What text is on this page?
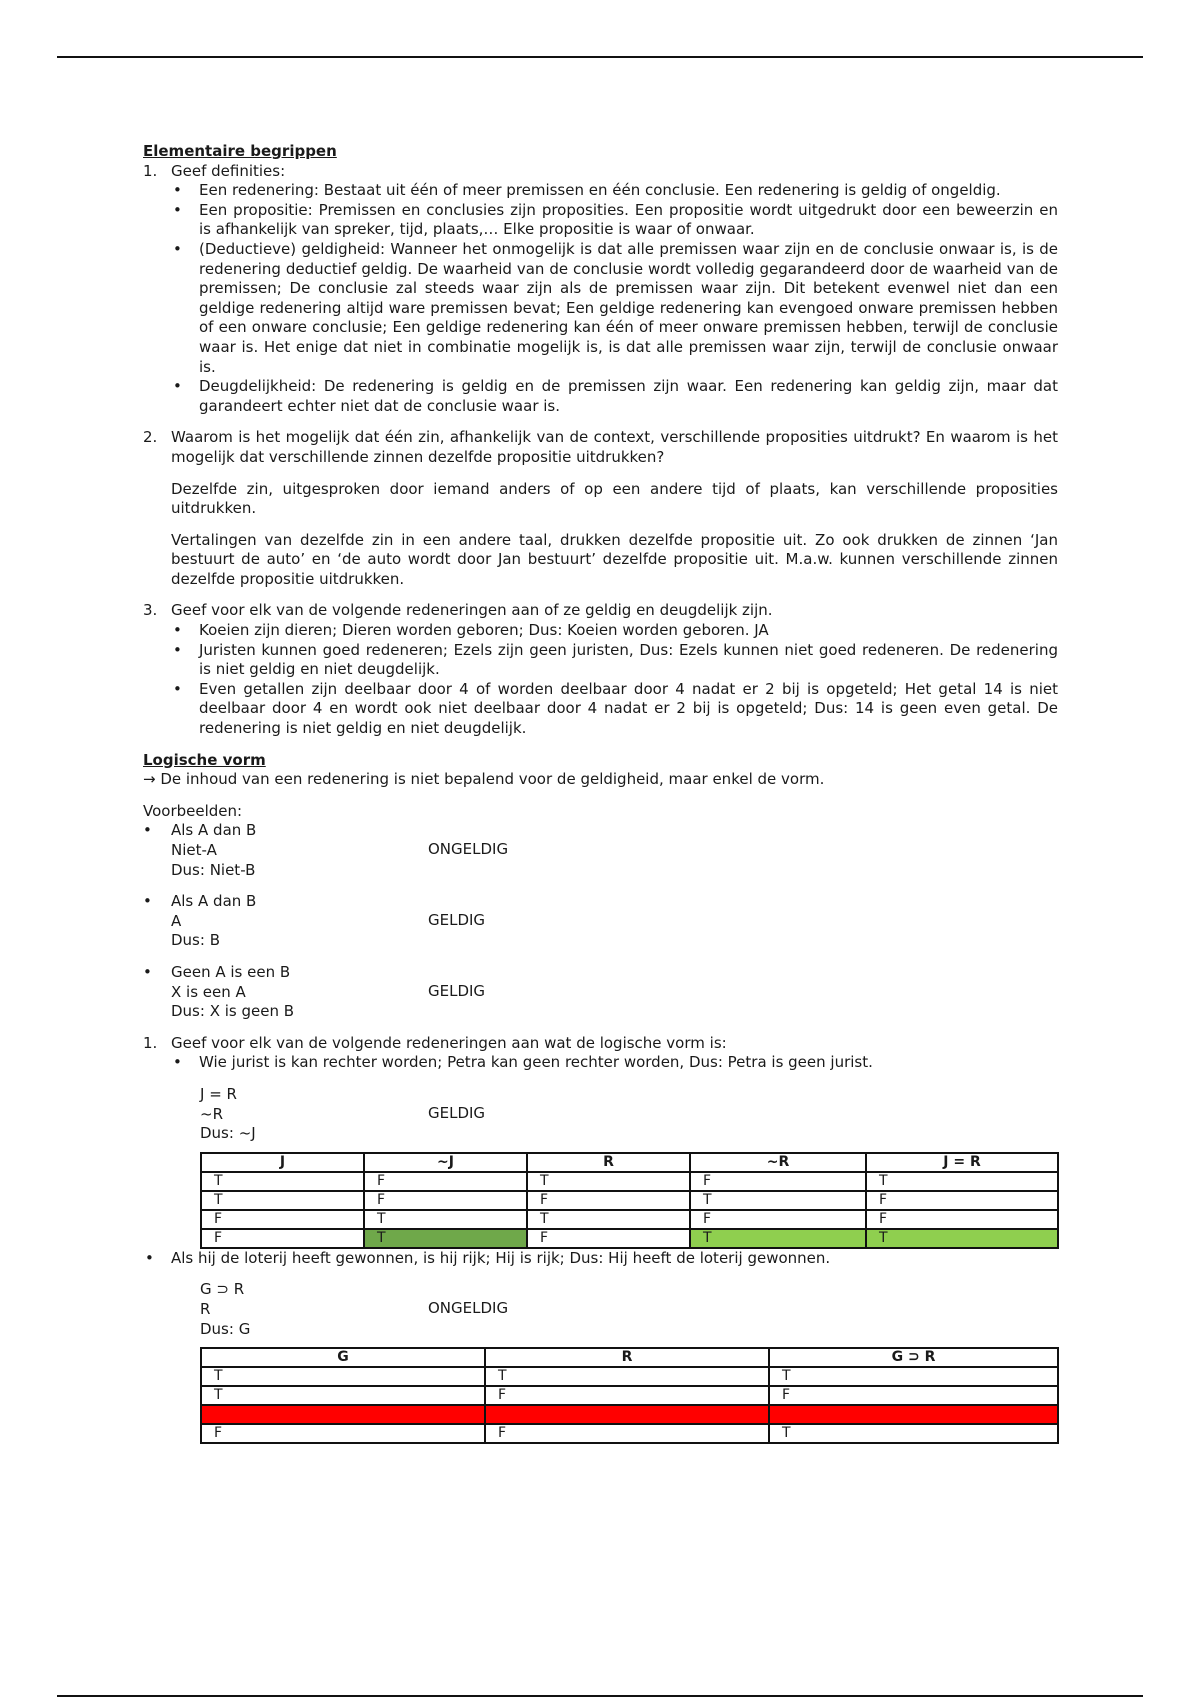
Elementaire begrippen

1. Geef definities:

• Een redenering: Bestaat uit één of meer premissen en één conclusie. Een redenering is geldig of ongeldig.
• Een propositie: Premissen en conclusies zijn proposities. Een propositie wordt uitgedrukt door een beweerzin en is afhankelijk van spreker, tijd, plaats,… Elke propositie is waar of onwaar.
• (Deductieve) geldigheid: Wanneer het onmogelijk is dat alle premissen waar zijn en de conclusie onwaar is, is de redenering deductief geldig. De waarheid van de conclusie wordt volledig gegarandeerd door de waarheid van de premissen; De conclusie zal steeds waar zijn als de premissen waar zijn. Dit betekent evenwel niet dan een geldige redenering altijd ware premissen bevat; Een geldige redenering kan evengoed onware premissen hebben of een onware conclusie; Een geldige redenering kan één of meer onware premissen hebben, terwijl de conclusie waar is. Het enige dat niet in combinatie mogelijk is, is dat alle premissen waar zijn, terwijl de conclusie onwaar is.
• Deugdelijkheid: De redenering is geldig en de premissen zijn waar. Een redenering kan geldig zijn, maar dat garandeert echter niet dat de conclusie waar is.
2. Waarom is het mogelijk dat één zin, afhankelijk van de context, verschillende proposities uitdrukt? En waarom is het mogelijk dat verschillende zinnen dezelfde propositie uitdrukken?

Dezelfde zin, uitgesproken door iemand anders of op een andere tijd of plaats, kan verschillende proposities uitdrukken.

Vertalingen van dezelfde zin in een andere taal, drukken dezelfde propositie uit. Zo ook drukken de zinnen ‘Jan bestuurt de auto’ en ‘de auto wordt door Jan bestuurt’ dezelfde propositie uit. M.a.w. kunnen verschillende zinnen dezelfde propositie uitdrukken.

3. Geef voor elk van de volgende redeneringen aan of ze geldig en deugdelijk zijn.

• Koeien zijn dieren; Dieren worden geboren; Dus: Koeien worden geboren. JA
• Juristen kunnen goed redeneren; Ezels zijn geen juristen, Dus: Ezels kunnen niet goed redeneren. De redenering is niet geldig en niet deugdelijk.
• Even getallen zijn deelbaar door 4 of worden deelbaar door 4 nadat er 2 bij is opgeteld; Het getal 14 is niet deelbaar door 4 en wordt ook niet deelbaar door 4 nadat er 2 bij is opgeteld; Dus: 14 is geen even getal. De redenering is niet geldig en niet deugdelijk.

Logische vorm

→ De inhoud van een redenering is niet bepalend voor de geldigheid, maar enkel de vorm.

Voorbeelden:

• Als A dan B

Niet-A

Dus: Niet-B

ONGELDIG

• Als A dan B

A

Dus: B

GELDIG

• Geen A is een B

X is een A

Dus: X is geen B

GELDIG
1. Geef voor elk van de volgende redeneringen aan wat de logische vorm is:

• Wie jurist is kan rechter worden; Petra kan geen rechter worden, Dus: Petra is geen jurist.

J = R

~R

Dus: ~J

GELDIG
J	~J	R	~R	J = R
T	F	T	F	T
T	F	F	T	F
F	T	T	F	F
F	T	F	T	T
• Als hij de loterij heeft gewonnen, is hij rijk; Hij is rijk; Dus: Hij heeft de loterij gewonnen.

G ⊃ R

R

Dus: G

ONGELDIG
G	R	G ⊃ R
T	T	T
T	F	F
F	T	T
F	F	T
